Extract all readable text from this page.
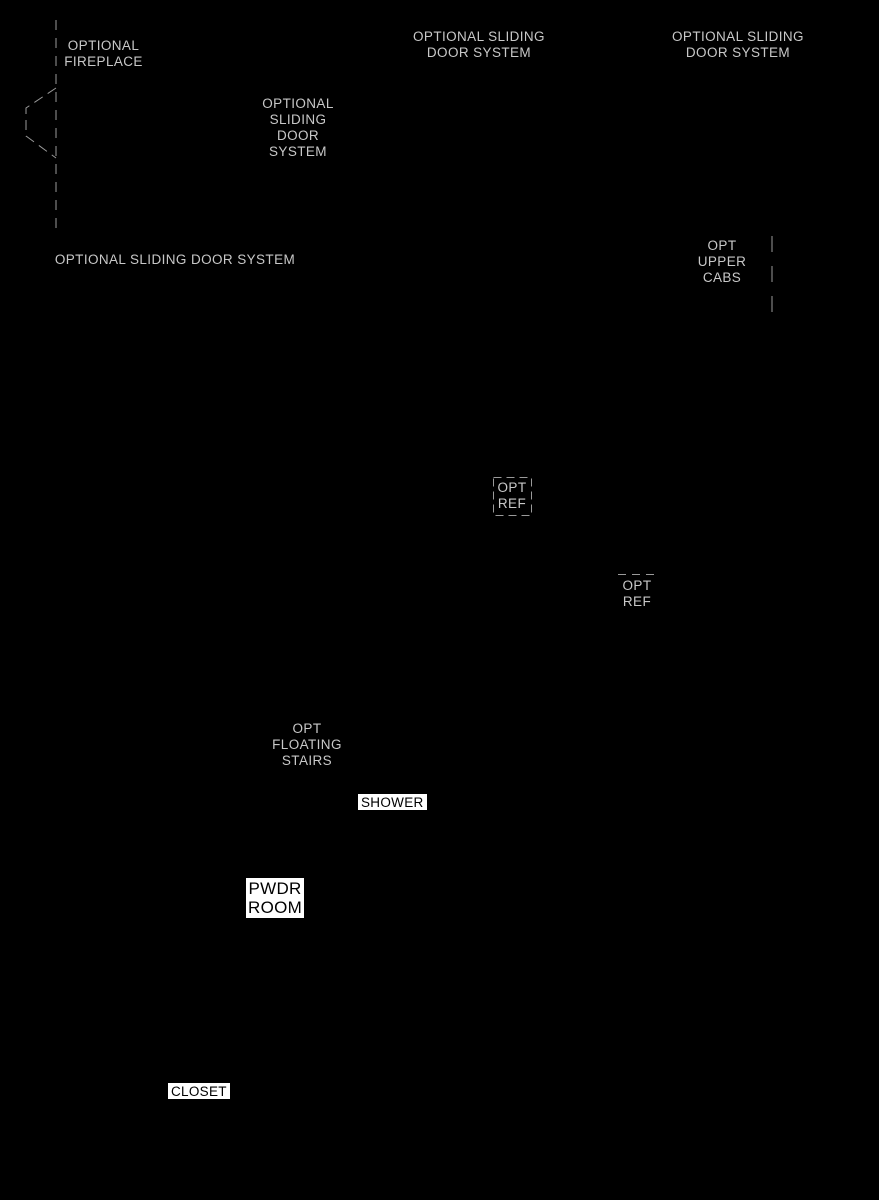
OPTIONAL
FIREPLACE
OPTIONAL SLIDING
DOOR SYSTEM
OPTIONAL SLIDING
DOOR SYSTEM
OPTIONAL
SLIDING
DOOR
SYSTEM
OPTIONAL SLIDING DOOR SYSTEM
OPT
UPPER
CABS
OPT
REF
OPT
REF
OPT
FLOATING
STAIRS
SHOWER
PWDR
ROOM
CLOSET
